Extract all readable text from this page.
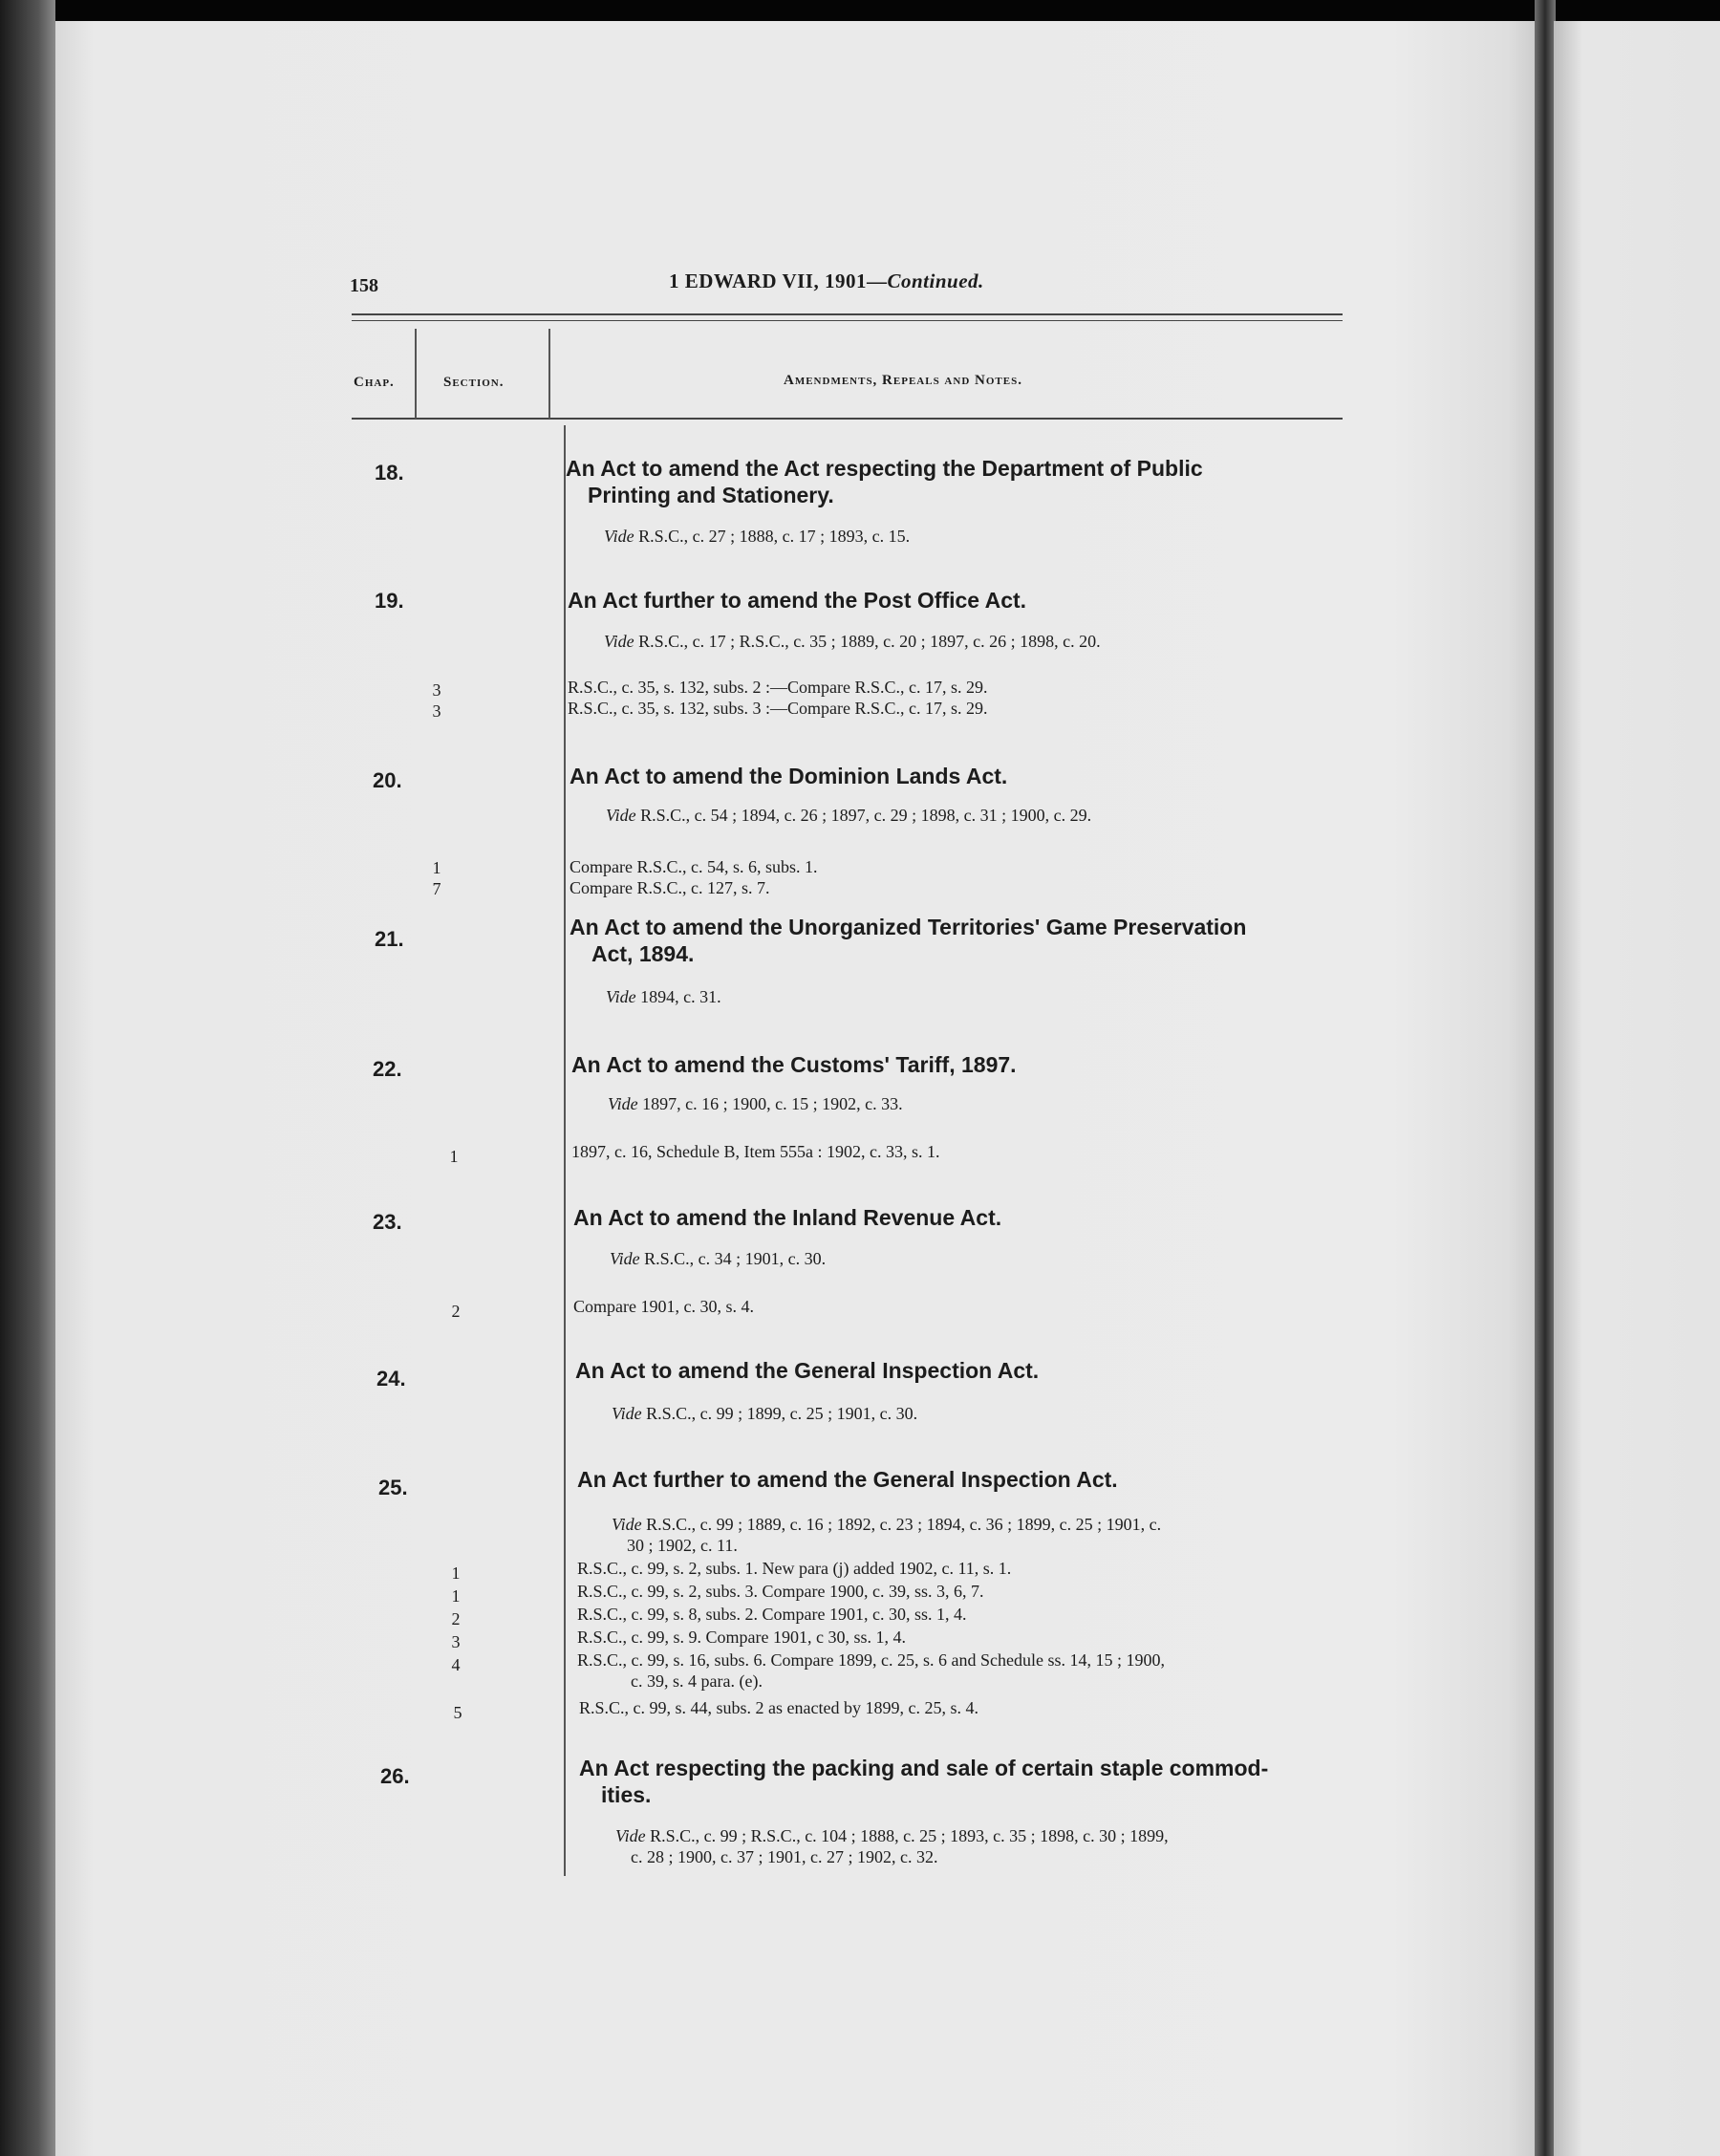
158	1 EDWARD VII, 1901—Continued.
Chap.	Section.	Amendments, Repeals and Notes.
18.	An Act to amend the Act respecting the Department of Public
Printing and Stationery.
Vide R.S.C., c. 27 ; 1888, c. 17 ; 1893, c. 15.
19.	An Act further to amend the Post Office Act.
Vide R.S.C., c. 17 ; R.S.C., c. 35 ; 1889, c. 20 ; 1897, c. 26 ; 1898, c. 20.
3	R.S.C., c. 35, s. 132, subs. 2 :—Compare R.S.C., c. 17, s. 29.
3	R.S.C., c. 35, s. 132, subs. 3 :—Compare R.S.C., c. 17, s. 29.
20.	An Act to amend the Dominion Lands Act.
Vide R.S.C., c. 54 ; 1894, c. 26 ; 1897, c. 29 ; 1898, c. 31 ; 1900, c. 29.
1	Compare R.S.C., c. 54, s. 6, subs. 1.
7	Compare R.S.C., c. 127, s. 7.
21.	An Act to amend the Unorganized Territories' Game Preservation
Act, 1894.
Vide 1894, c. 31.
22.	An Act to amend the Customs' Tariff, 1897.
Vide 1897, c. 16 ; 1900, c. 15 ; 1902, c. 33.
1	1897, c. 16, Schedule B, Item 555a : 1902, c. 33, s. 1.
23.	An Act to amend the Inland Revenue Act.
Vide R.S.C., c. 34 ; 1901, c. 30.
2	Compare 1901, c. 30, s. 4.
24.	An Act to amend the General Inspection Act.
Vide R.S.C., c. 99 ; 1899, c. 25 ; 1901, c. 30.
25.	An Act further to amend the General Inspection Act.
Vide R.S.C., c. 99 ; 1889, c. 16 ; 1892, c. 23 ; 1894, c. 36 ; 1899, c. 25 ; 1901, c.
30 ; 1902, c. 11.
1	R.S.C., c. 99, s. 2, subs. 1. New para (j) added 1902, c. 11, s. 1.
1	R.S.C., c. 99, s. 2, subs. 3. Compare 1900, c. 39, ss. 3, 6, 7.
2	R.S.C., c. 99, s. 8, subs. 2. Compare 1901, c. 30, ss. 1, 4.
3	R.S.C., c. 99, s. 9. Compare 1901, c 30, ss. 1, 4.
4	R.S.C., c. 99, s. 16, subs. 6. Compare 1899, c. 25, s. 6 and Schedule ss. 14, 15 ; 1900,
c. 39, s. 4 para. (e).
5	R.S.C., c. 99, s. 44, subs. 2 as enacted by 1899, c. 25, s. 4.
26.	An Act respecting the packing and sale of certain staple commod-
ities.
Vide R.S.C., c. 99 ; R.S.C., c. 104 ; 1888, c. 25 ; 1893, c. 35 ; 1898, c. 30 ; 1899,
c. 28 ; 1900, c. 37 ; 1901, c. 27 ; 1902, c. 32.
